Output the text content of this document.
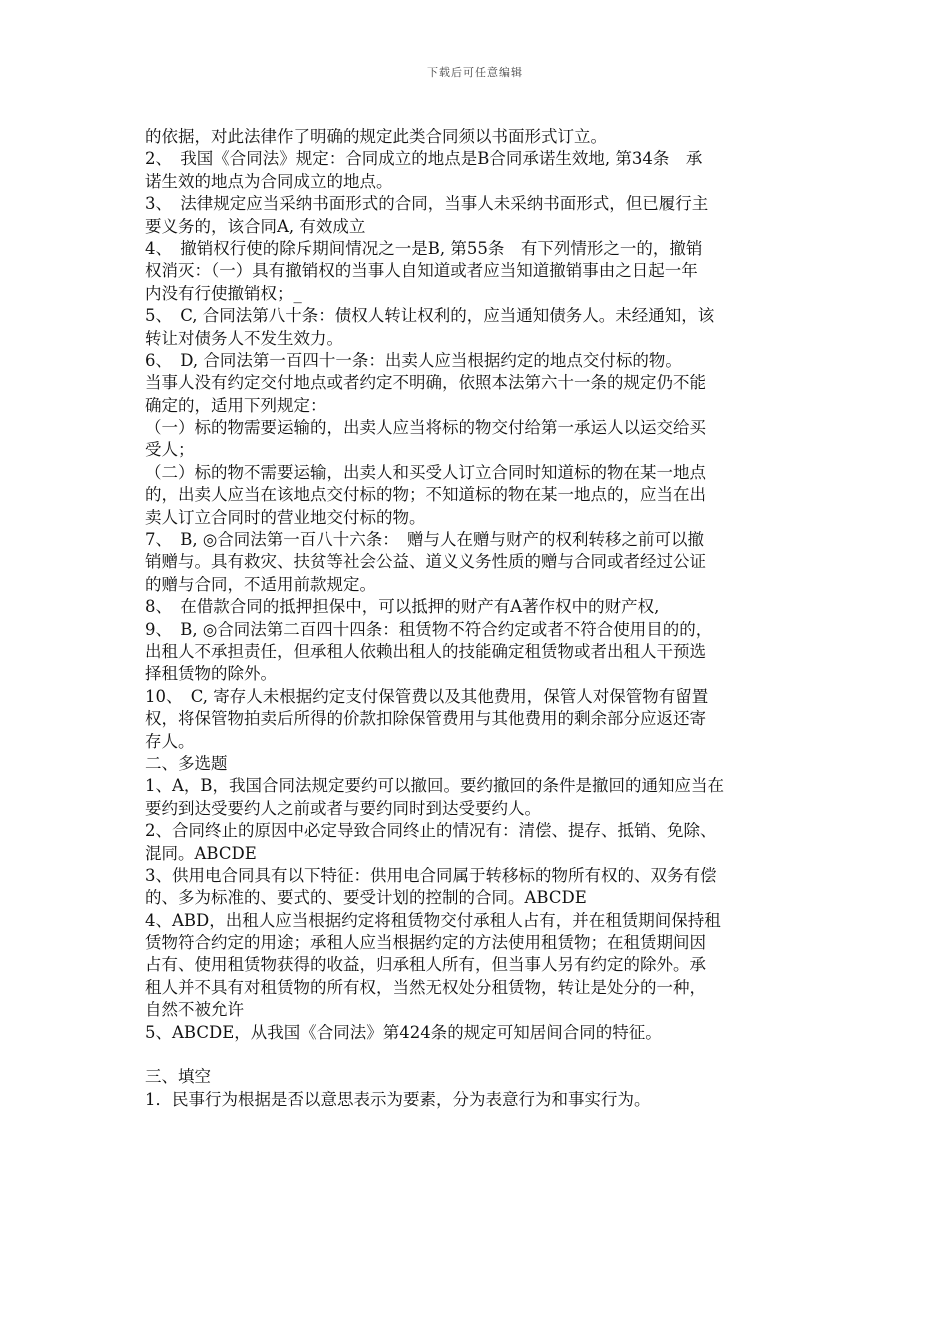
下载后可任意编辑
的依据，对此法律作了明确的规定此类合同须以书面形式订立。
2、　我国《合同法》规定：合同成立的地点是B合同承诺生效地, 第34条　承
诺生效的地点为合同成立的地点。
3、　法律规定应当采纳书面形式的合同，当事人未采纳书面形式，但已履行主
要义务的，该合同A, 有效成立
4、　撤销权行使的除斥期间情况之一是B, 第55条　有下列情形之一的，撤销
权消灭：（一）具有撤销权的当事人自知道或者应当知道撤销事由之日起一年
内没有行使撤销权；_
5、　C, 合同法第八十条：债权人转让权利的，应当通知债务人。未经通知，该
转让对债务人不发生效力。
6、　D, 合同法第一百四十一条：出卖人应当根据约定的地点交付标的物。
当事人没有约定交付地点或者约定不明确，依照本法第六十一条的规定仍不能
确定的，适用下列规定：
（一）标的物需要运输的，出卖人应当将标的物交付给第一承运人以运交给买
受人；
（二）标的物不需要运输，出卖人和买受人订立合同时知道标的物在某一地点
的，出卖人应当在该地点交付标的物；不知道标的物在某一地点的，应当在出
卖人订立合同时的营业地交付标的物。
7、　B, ◎合同法第一百八十六条：　赠与人在赠与财产的权利转移之前可以撤
销赠与。具有救灾、扶贫等社会公益、道义义务性质的赠与合同或者经过公证
的赠与合同，不适用前款规定。
8、　在借款合同的抵押担保中，可以抵押的财产有A著作权中的财产权,
9、　B, ◎合同法第二百四十四条：租赁物不符合约定或者不符合使用目的的，
出租人不承担责任，但承租人依赖出租人的技能确定租赁物或者出租人干预选
择租赁物的除外。
10、　C, 寄存人未根据约定支付保管费以及其他费用，保管人对保管物有留置
权，将保管物拍卖后所得的价款扣除保管费用与其他费用的剩余部分应返还寄
存人。
二、多选题
1、A，B，我国合同法规定要约可以撤回。要约撤回的条件是撤回的通知应当在
要约到达受要约人之前或者与要约同时到达受要约人。
2、合同终止的原因中必定导致合同终止的情况有：清偿、提存、抵销、免除、
混同。ABCDE
3、供用电合同具有以下特征：供用电合同属于转移标的物所有权的、双务有偿
的、多为标准的、要式的、要受计划的控制的合同。ABCDE
4、ABD，出租人应当根据约定将租赁物交付承租人占有，并在租赁期间保持租
赁物符合约定的用途；承租人应当根据约定的方法使用租赁物；在租赁期间因
占有、使用租赁物获得的收益，归承租人所有，但当事人另有约定的除外。承
租人并不具有对租赁物的所有权，当然无权处分租赁物，转让是处分的一种，
自然不被允许
5、ABCDE，从我国《合同法》第424条的规定可知居间合同的特征。
三、填空
1．民事行为根据是否以意思表示为要素，分为表意行为和事实行为。
